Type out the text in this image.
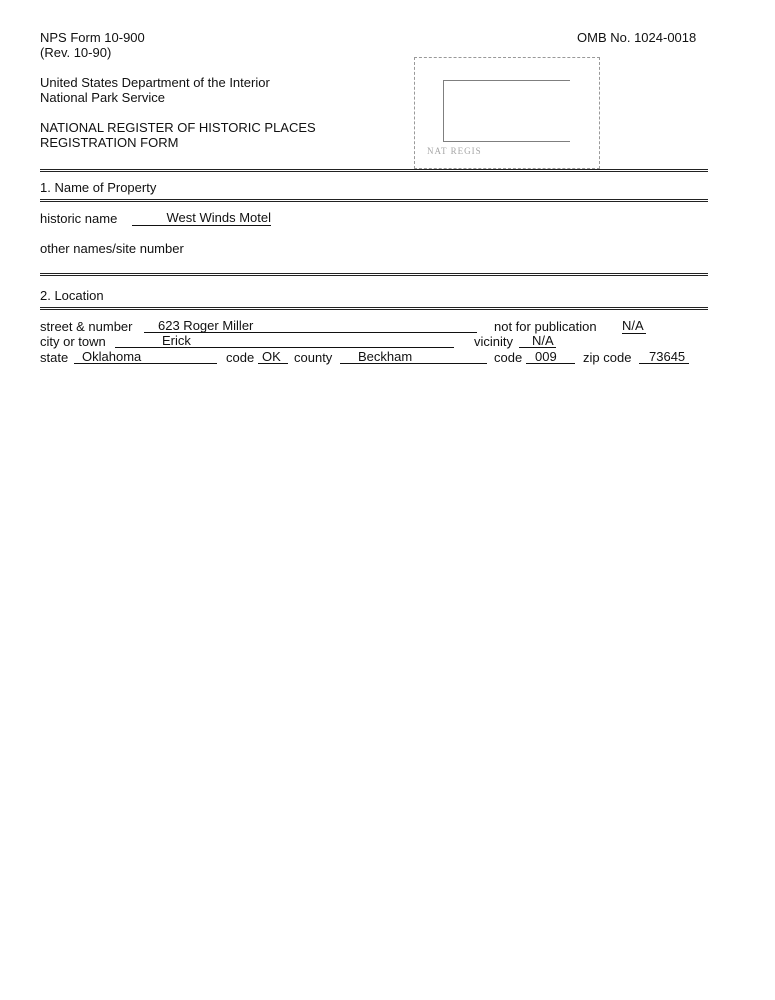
NPS Form 10-900
(Rev. 10-90)
OMB No. 1024-0018
United States Department of the Interior
National Park Service
NATIONAL REGISTER OF HISTORIC PLACES
REGISTRATION FORM
NAT REGIS
1. Name of Property
historic name	West Winds Motel
other names/site number
2. Location
street & number	623 Roger Miller	not for publication N/A
city or town	Erick	vicinity	N/A
state	Oklahoma	code OK	county	Beckham	code 009	zip code	73645
